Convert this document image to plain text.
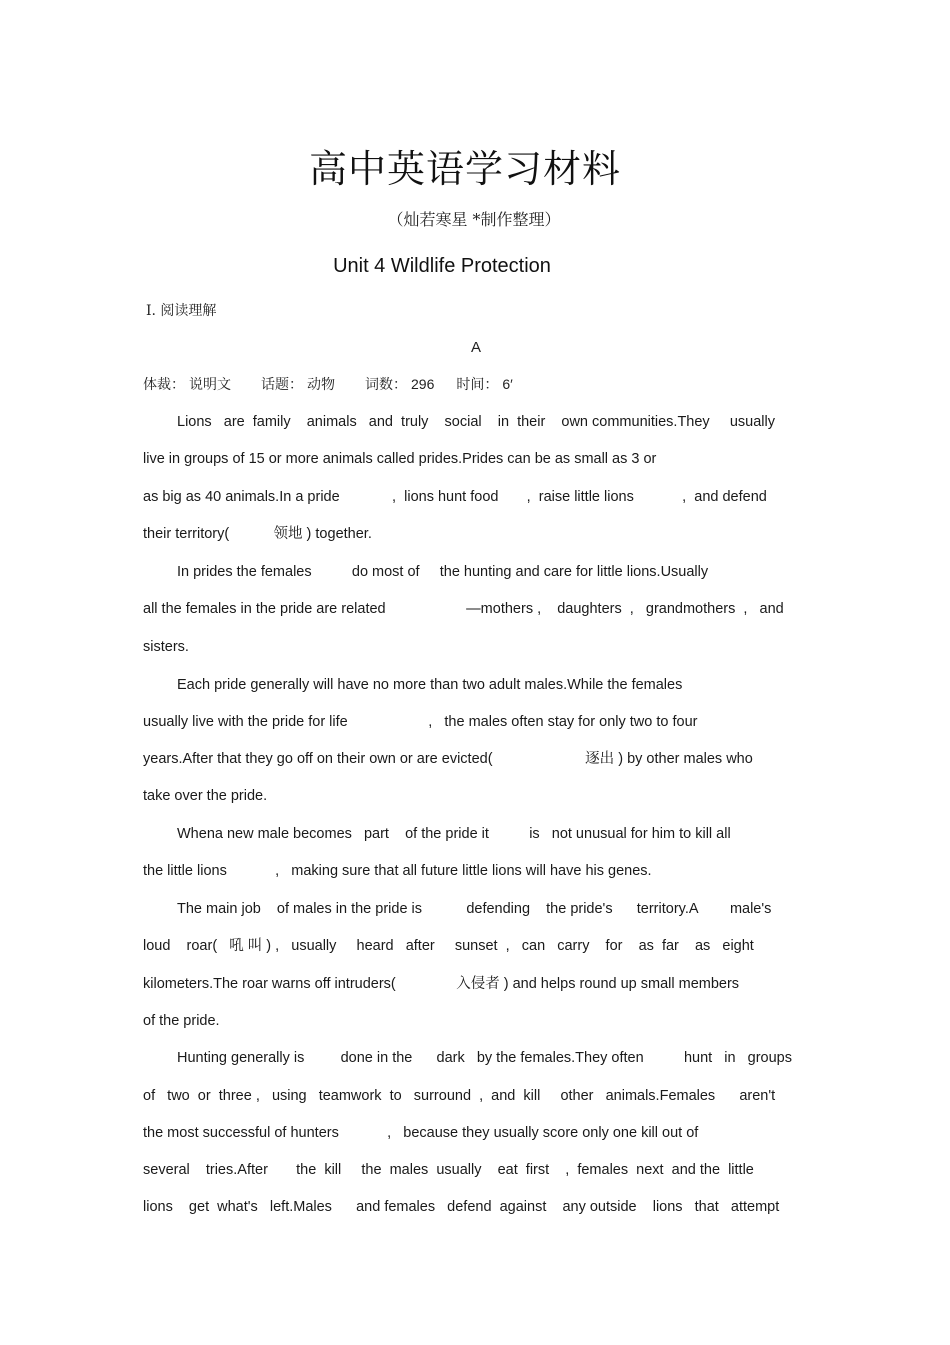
高中英语学习材料
（灿若寒星 *制作整理）
Unit 4 Wildlife Protection
Ⅰ. 阅读理解
A
体裁： 说明文 话题： 动物 词数： 296 时间： 6′
Lions   are  family    animals   and  truly    social    in  their    own communities.They     usually
live in groups of 15 or more animals called prides.Prides can be as small as 3 or
as big as 40 animals.In a pride             ,  lions hunt food       ,  raise little lions            ,  and defend
their territory(           领地 ) together.
In prides the females          do most of     the hunting and care for little lions.Usually
all the females in the pride are related                    —mothers ,    daughters  ,   grandmothers  ,   and
sisters.
Each pride generally will have no more than two adult males.While the females
usually live with the pride for life                    ,   the males often stay for only two to four
years.After that they go off on their own or are evicted(                       逐出 ) by other males who
take over the pride.
Whena new male becomes   part    of the pride it          is   not unusual for him to kill all
the little lions            ,   making sure that all future little lions will have his genes.
The main job    of males in the pride is           defending    the pride's      territory.A        male's
loud    roar(   吼 叫 ) ,   usually     heard   after     sunset  ,   can   carry    for    as  far    as   eight
kilometers.The roar warns off intruders(               入侵者 ) and helps round up small members
of the pride.
Hunting generally is         done in the      dark   by the females.They often          hunt   in   groups
of   two  or  three ,   using   teamwork  to   surround  ,  and  kill     other   animals.Females      aren't
the most successful of hunters            ,   because they usually score only one kill out of
several    tries.After       the  kill     the  males  usually    eat  first    ,  females  next  and the  little
lions    get  what's   left.Males      and females   defend  against    any outside    lions   that   attempt
